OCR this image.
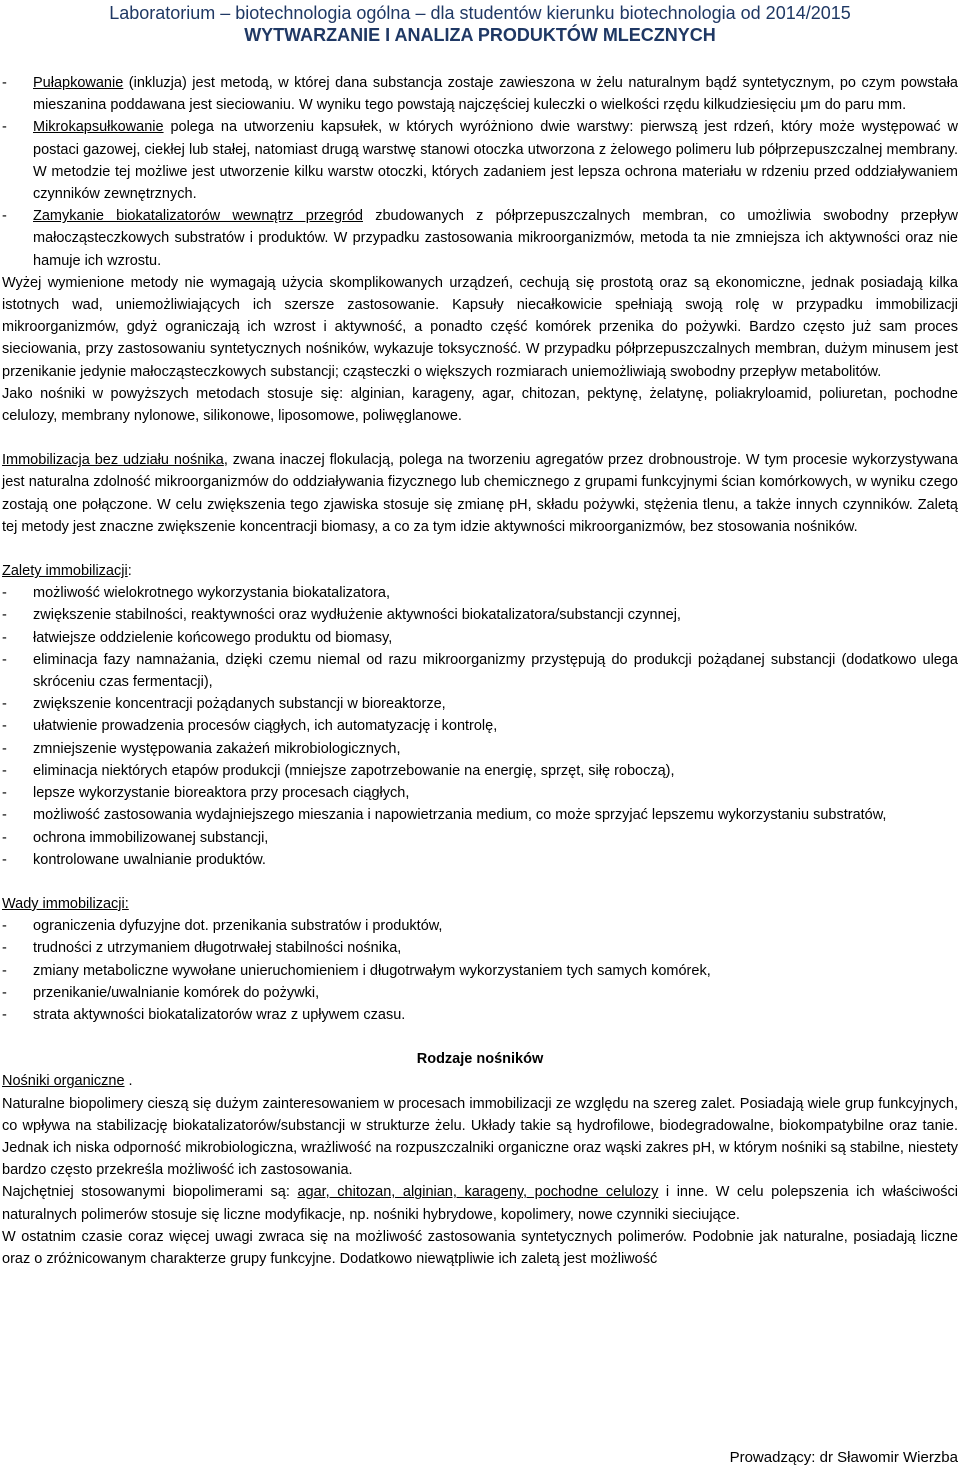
Laboratorium – biotechnologia ogólna – dla studentów kierunku biotechnologia od 2014/2015
WYTWARZANIE I ANALIZA PRODUKTÓW MLECZNYCH

- Pułapkowanie (inkluzja) jest metodą, w której dana substancja zostaje zawieszona w żelu naturalnym bądź syntetycznym, po czym powstała mieszanina poddawana jest sieciowaniu. W wyniku tego powstają najczęściej kuleczki o wielkości rzędu kilkudziesięciu μm do paru mm.

- Mikrokapsułkowanie polega na utworzeniu kapsułek, w których wyróżniono dwie warstwy: pierwszą jest rdzeń, który może występować w postaci gazowej, ciekłej lub stałej, natomiast drugą warstwę stanowi otoczka utworzona z żelowego polimeru lub półprzepuszczalnej membrany. W metodzie tej możliwe jest utworzenie kilku warstw otoczki, których zadaniem jest lepsza ochrona materiału w rdzeniu przed oddziaływaniem czynników zewnętrznych.

- Zamykanie biokatalizatorów wewnątrz przegród zbudowanych z półprzepuszczalnych membran, co umożliwia swobodny przepływ małocząsteczkowych substratów i produktów. W przypadku zastosowania mikroorganizmów, metoda ta nie zmniejsza ich aktywności oraz nie hamuje ich wzrostu.

Wyżej wymienione metody nie wymagają użycia skomplikowanych urządzeń, cechują się prostotą oraz są ekonomiczne, jednak posiadają kilka istotnych wad, uniemożliwiających ich szersze zastosowanie. Kapsuły niecałkowicie spełniają swoją rolę w przypadku immobilizacji mikroorganizmów, gdyż ograniczają ich wzrost i aktywność, a ponadto część komórek przenika do pożywki. Bardzo często już sam proces sieciowania, przy zastosowaniu syntetycznych nośników, wykazuje toksyczność. W przypadku półprzepuszczalnych membran, dużym minusem jest przenikanie jedynie małocząsteczkowych substancji; cząsteczki o większych rozmiarach uniemożliwiają swobodny przepływ metabolitów.

Jako nośniki w powyższych metodach stosuje się: alginian, karageny, agar, chitozan, pektynę, żelatynę, poliakryloamid, poliuretan, pochodne celulozy, membrany nylonowe, silikonowe, liposomowe, poliwęglanowe.

Immobilizacja bez udziału nośnika, zwana inaczej flokulacją, polega na tworzeniu agregatów przez drobnoustroje. W tym procesie wykorzystywana jest naturalna zdolność mikroorganizmów do oddziaływania fizycznego lub chemicznego z grupami funkcyjnymi ścian komórkowych, w wyniku czego zostają one połączone. W celu zwiększenia tego zjawiska stosuje się zmianę pH, składu pożywki, stężenia tlenu, a także innych czynników. Zaletą tej metody jest znaczne zwiększenie koncentracji biomasy, a co za tym idzie aktywności mikroorganizmów, bez stosowania nośników.

Zalety immobilizacji:

- możliwość wielokrotnego wykorzystania biokatalizatora,

- zwiększenie stabilności, reaktywności oraz wydłużenie aktywności biokatalizatora/substancji czynnej,

- łatwiejsze oddzielenie końcowego produktu od biomasy,

- eliminacja fazy namnażania, dzięki czemu niemal od razu mikroorganizmy przystępują do produkcji pożądanej substancji (dodatkowo ulega skróceniu czas fermentacji),

- zwiększenie koncentracji pożądanych substancji w bioreaktorze,

- ułatwienie prowadzenia procesów ciągłych, ich automatyzację i kontrolę,

- zmniejszenie występowania zakażeń mikrobiologicznych,

- eliminacja niektórych etapów produkcji (mniejsze zapotrzebowanie na energię, sprzęt, siłę roboczą),

- lepsze wykorzystanie bioreaktora przy procesach ciągłych,

- możliwość zastosowania wydajniejszego mieszania i napowietrzania medium, co może sprzyjać lepszemu wykorzystaniu substratów,

- ochrona immobilizowanej substancji,

- kontrolowane uwalnianie produktów.

Wady immobilizacji:

- ograniczenia dyfuzyjne dot. przenikania substratów i produktów,

- trudności z utrzymaniem długotrwałej stabilności nośnika,

- zmiany metaboliczne wywołane unieruchomieniem i długotrwałym wykorzystaniem tych samych komórek,

- przenikanie/uwalnianie komórek do pożywki,

- strata aktywności biokatalizatorów wraz z upływem czasu.

Rodzaje nośników

Nośniki organiczne .

Naturalne biopolimery cieszą się dużym zainteresowaniem w procesach immobilizacji ze względu na szereg zalet. Posiadają wiele grup funkcyjnych, co wpływa na stabilizację biokatalizatorów/substancji w strukturze żelu. Układy takie są hydrofilowe, biodegradowalne, biokompatybilne oraz tanie. Jednak ich niska odporność mikrobiologiczna, wrażliwość na rozpuszczalniki organiczne oraz wąski zakres pH, w którym nośniki są stabilne, niestety bardzo często przekreśla możliwość ich zastosowania.

Najchętniej stosowanymi biopolimerami są: agar, chitozan, alginian, karageny, pochodne celulozy i inne. W celu polepszenia ich właściwości naturalnych polimerów stosuje się liczne modyfikacje, np. nośniki hybrydowe, kopolimery, nowe czynniki sieciujące.

W ostatnim czasie coraz więcej uwagi zwraca się na możliwość zastosowania syntetycznych polimerów. Podobnie jak naturalne, posiadają liczne oraz o zróżnicowanym charakterze grupy funkcyjne. Dodatkowo niewątpliwie ich zaletą jest możliwość

Prowadzący: dr Sławomir Wierzba
